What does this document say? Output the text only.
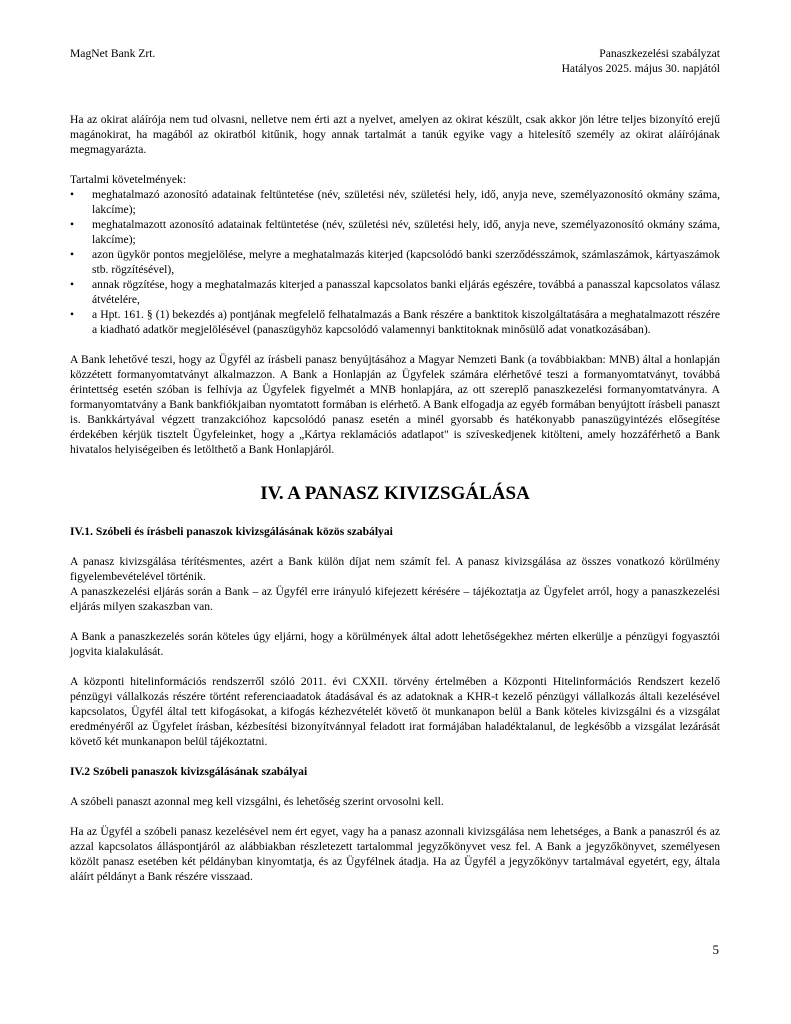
MagNet Bank Zrt.	Panaszkezelési szabályzat
Hatályos 2025. május 30. napjától

Ha az okirat aláírója nem tud olvasni, nelletve nem érti azt a nyelvet, amelyen az okirat készült, csak akkor jön létre teljes bizonyító erejű magánokirat, ha magából az okiratból kitűnik, hogy annak tartalmát a tanúk egyike vagy a hitelesítő személy az okirat aláírójának megmagyarázta.

Tartalmi követelmények:

• meghatalmazó azonosító adatainak feltüntetése (név, születési név, születési hely, idő, anyja neve, személyazonosító okmány száma, lakcíme);
• meghatalmazott azonosító adatainak feltüntetése (név, születési név, születési hely, idő, anyja neve, személyazonosító okmány száma, lakcíme);
• azon ügykör pontos megjelölése, melyre a meghatalmazás kiterjed (kapcsolódó banki szerződésszámok, számlaszámok, kártyaszámok stb. rögzítésével),
• annak rögzítése, hogy a meghatalmazás kiterjed a panasszal kapcsolatos banki eljárás egészére, továbbá a panasszal kapcsolatos válasz átvételére,
• a Hpt. 161. § (1) bekezdés a) pontjának megfelelő felhatalmazás a Bank részére a banktitok kiszolgáltatására a meghatalmazott részére a kiadható adatkör megjelölésével (panaszügyhöz kapcsolódó valamennyi banktitoknak minősülő adat vonatkozásában).

A Bank lehetővé teszi, hogy az Ügyfél az írásbeli panasz benyújtásához a Magyar Nemzeti Bank (a továbbiakban: MNB) által a honlapján közzétett formanyomtatványt alkalmazzon. A Bank a Honlapján az Ügyfelek számára elérhetővé teszi a formanyomtatványt, továbbá érintettség esetén szóban is felhívja az Ügyfelek figyelmét a MNB honlapjára, az ott szereplő panaszkezelési formanyomtatványra. A formanyomtatvány a Bank bankfiókjaiban nyomtatott formában is elérhető. A Bank elfogadja az egyéb formában benyújtott írásbeli panaszt is. Bankkártyával végzett tranzakcióhoz kapcsolódó panasz esetén a minél gyorsabb és hatékonyabb panaszügyintézés elősegítése érdekében kérjük tisztelt Ügyfeleinket, hogy a „Kártya reklamációs adatlapot" is szíveskedjenek kitölteni, amely hozzáférhető a Bank hivatalos helyiségeiben és letölthető a Bank Honlapjáról.

IV. A PANASZ KIVIZSGÁLÁSA
IV.1. Szóbeli és írásbeli panaszok kivizsgálásának közös szabályai

A panasz kivizsgálása térítésmentes, azért a Bank külön díjat nem számít fel. A panasz kivizsgálása az összes vonatkozó körülmény figyelembevételével történik.

A panaszkezelési eljárás során a Bank – az Ügyfél erre irányuló kifejezett kérésére – tájékoztatja az Ügyfelet arról, hogy a panaszkezelési eljárás milyen szakaszban van.

A Bank a panaszkezelés során köteles úgy eljárni, hogy a körülmények által adott lehetőségekhez mérten elkerülje a pénzügyi fogyasztói jogvita kialakulását.

A központi hitelinformációs rendszerről szóló 2011. évi CXXII. törvény értelmében a Központi Hitelinformációs Rendszert kezelő pénzügyi vállalkozás részére történt referenciaadatok átadásával és az adatoknak a KHR-t kezelő pénzügyi vállalkozás általi kezelésével kapcsolatos, Ügyfél által tett kifogásokat, a kifogás kézhezvételét követő öt munkanapon belül a Bank köteles kivizsgálni és a vizsgálat eredményéről az Ügyfelet írásban, kézbesítési bizonyítvánnyal feladott irat formájában haladéktalanul, de legkésőbb a vizsgálat lezárását követő két munkanapon belül tájékoztatni.

IV.2 Szóbeli panaszok kivizsgálásának szabályai

A szóbeli panaszt azonnal meg kell vizsgálni, és lehetőség szerint orvosolni kell.

Ha az Ügyfél a szóbeli panasz kezelésével nem ért egyet, vagy ha a panasz azonnali kivizsgálása nem lehetséges, a Bank a panaszról és az azzal kapcsolatos álláspontjáról az alábbiakban részletezett tartalommal jegyzőkönyvet vesz fel. A Bank a jegyzőkönyvet, személyesen közölt panasz esetében két példányban kinyomtatja, és az Ügyfélnek átadja. Ha az Ügyfél a jegyzőkönyv tartalmával egyetért, egy, általa aláírt példányt a Bank részére visszaad.

5
